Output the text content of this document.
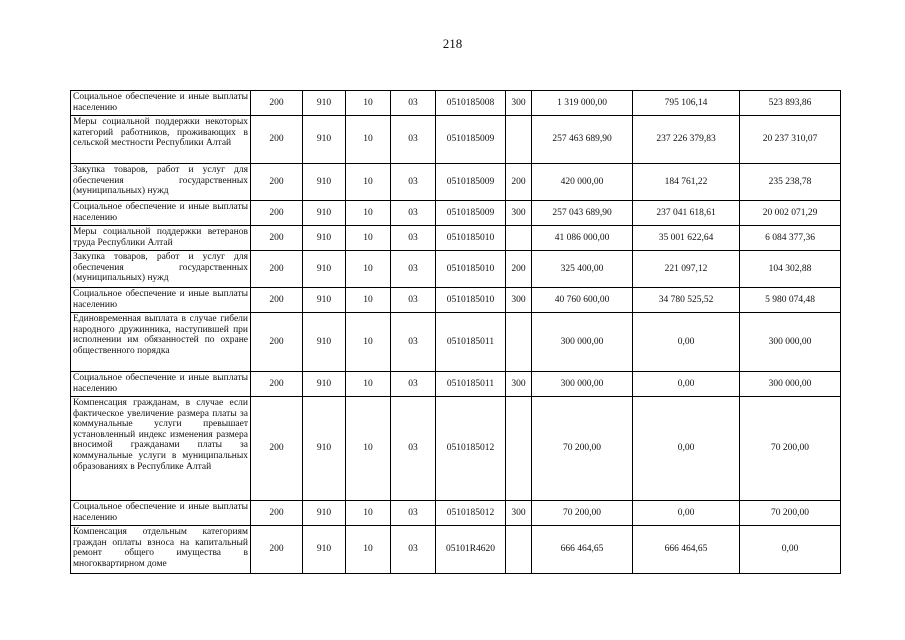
218
Социальное обеспечение и иные выплаты населению	200	910	10	03	0510185008	300	1 319 000,00	795 106,14	523 893,86
Меры социальной поддержки некоторых категорий работников, проживающих в сельской местности Республики Алтай	200	910	10	03	0510185009		257 463 689,90	237 226 379,83	20 237 310,07
Закупка товаров, работ и услуг для обеспечения государственных (муниципальных) нужд	200	910	10	03	0510185009	200	420 000,00	184 761,22	235 238,78
Социальное обеспечение и иные выплаты населению	200	910	10	03	0510185009	300	257 043 689,90	237 041 618,61	20 002 071,29
Меры социальной поддержки ветеранов труда Республики Алтай	200	910	10	03	0510185010		41 086 000,00	35 001 622,64	6 084 377,36
Закупка товаров, работ и услуг для обеспечения государственных (муниципальных) нужд	200	910	10	03	0510185010	200	325 400,00	221 097,12	104 302,88
Социальное обеспечение и иные выплаты населению	200	910	10	03	0510185010	300	40 760 600,00	34 780 525,52	5 980 074,48
Единовременная выплата в случае гибели народного дружинника, наступившей при исполнении им обязанностей по охране общественного порядка	200	910	10	03	0510185011		300 000,00	0,00	300 000,00
Социальное обеспечение и иные выплаты населению	200	910	10	03	0510185011	300	300 000,00	0,00	300 000,00
Компенсация гражданам, в случае если фактическое увеличение размера платы за коммунальные услуги превышает установленный индекс изменения размера вносимой гражданами платы за коммунальные услуги в муниципальных образованиях в Республике Алтай	200	910	10	03	0510185012		70 200,00	0,00	70 200,00
Социальное обеспечение и иные выплаты населению	200	910	10	03	0510185012	300	70 200,00	0,00	70 200,00
Компенсация отдельным категориям граждан оплаты взноса на капитальный ремонт общего имущества в многоквартирном доме	200	910	10	03	05101R4620		666 464,65	666 464,65	0,00
